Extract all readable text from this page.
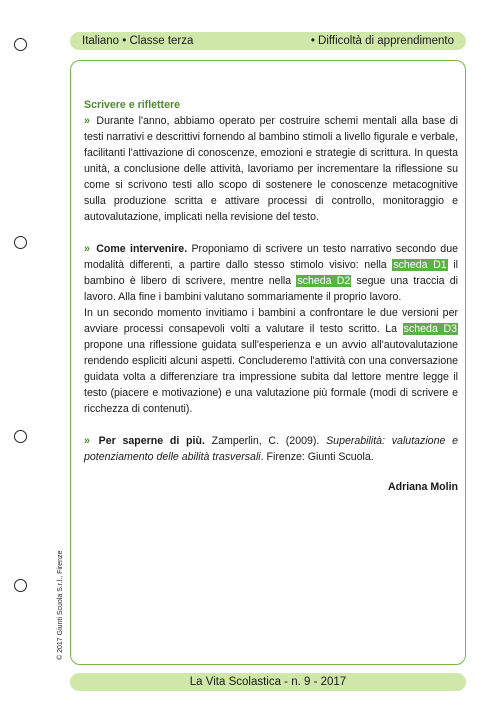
Italiano • Classe terza	• Difficoltà di apprendimento
Scrivere e riflettere

» Durante l'anno, abbiamo operato per costruire schemi mentali alla base di testi narrativi e descrittivi fornendo al bambino stimoli a livello figurale e verbale, facilitanti l'attivazione di conoscenze, emozioni e strategie di scrittura. In questa unità, a conclusione delle attività, lavoriamo per incrementare la riflessione su come si scrivono testi allo scopo di sostenere le conoscenze metacognitive sulla produzione scritta e attivare processi di controllo, monitoraggio e autovalutazione, implicati nella revisione del testo.

» Come intervenire. Proponiamo di scrivere un testo narrativo secondo due modalità differenti, a partire dallo stesso stimolo visivo: nella scheda D1 il bambino è libero di scrivere, mentre nella scheda D2 segue una traccia di lavoro. Alla fine i bambini valutano sommariamente il proprio lavoro.

In un secondo momento invitiamo i bambini a confrontare le due versioni per avviare processi consapevoli volti a valutare il testo scritto. La scheda D3 propone una riflessione guidata sull'esperienza e un avvio all'autovalutazione rendendo espliciti alcuni aspetti. Concluderemo l'attività con una conversazione guidata volta a differenziare tra impressione subita dal lettore mentre legge il testo (piacere e motivazione) e una valutazione più formale (modi di scrivere e ricchezza di contenuti).

» Per saperne di più. Zamperlin, C. (2009). Superabilità: valutazione e potenziamento delle abilità trasversali. Firenze: Giunti Scuola.

Adriana Molin
© 2017 Giunti Scuola S.r.l., Firenze
La Vita Scolastica - n. 9 - 2017
